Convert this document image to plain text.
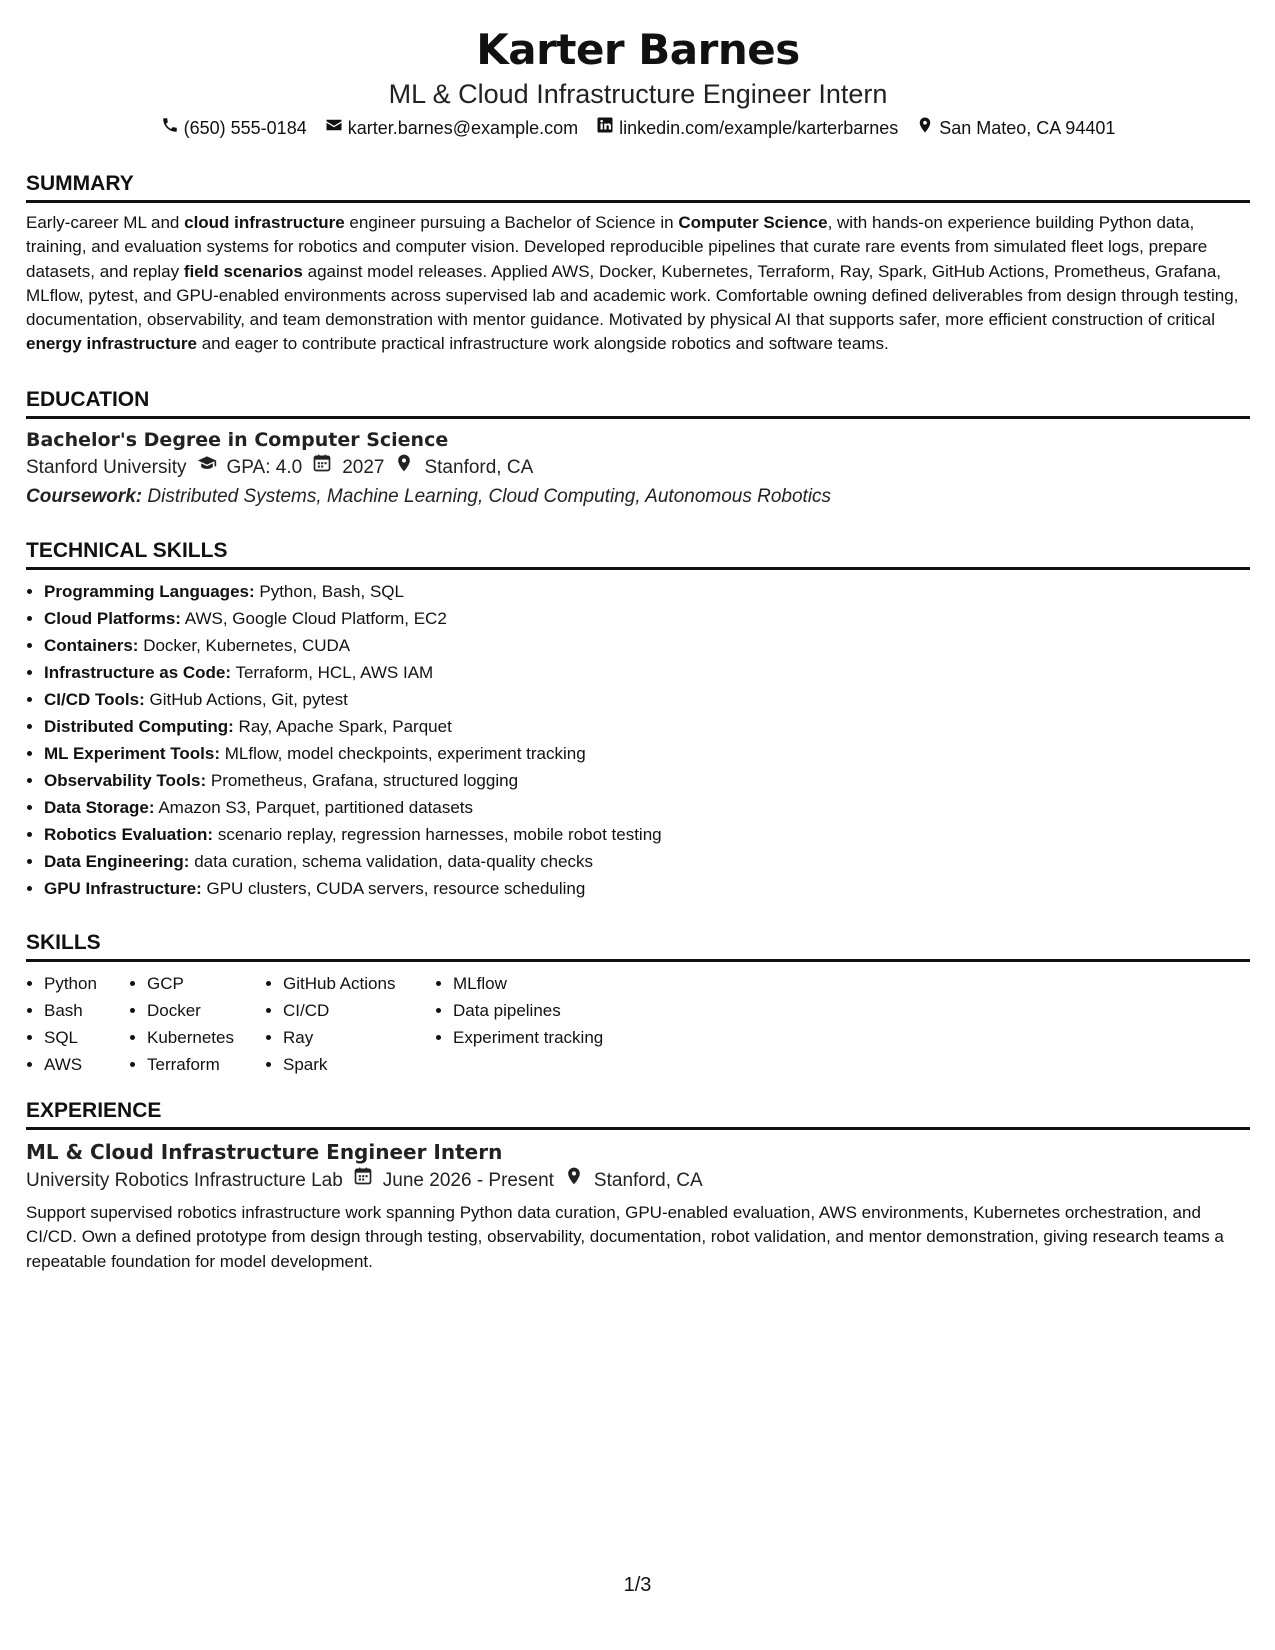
Karter Barnes
ML & Cloud Infrastructure Engineer Intern
(650) 555-0184 karter.barnes@example.com linkedin.com/example/karterbarnes San Mateo, CA 94401
SUMMARY

Early-career ML and cloud infrastructure engineer pursuing a Bachelor of Science in Computer Science, with hands-on experience building Python data, training, and evaluation systems for robotics and computer vision. Developed reproducible pipelines that curate rare events from simulated fleet logs, prepare datasets, and replay field scenarios against model releases. Applied AWS, Docker, Kubernetes, Terraform, Ray, Spark, GitHub Actions, Prometheus, Grafana, MLflow, pytest, and GPU-enabled environments across supervised lab and academic work. Comfortable owning defined deliverables from design through testing, documentation, observability, and team demonstration with mentor guidance. Motivated by physical AI that supports safer, more efficient construction of critical energy infrastructure and eager to contribute practical infrastructure work alongside robotics and software teams.

EDUCATION
Bachelor's Degree in Computer Science
Stanford University GPA: 4.0 2027 Stanford, CA
Coursework: Distributed Systems, Machine Learning, Cloud Computing, Autonomous Robotics
TECHNICAL SKILLS
• Programming Languages: Python, Bash, SQL
• Cloud Platforms: AWS, Google Cloud Platform, EC2
• Containers: Docker, Kubernetes, CUDA
• Infrastructure as Code: Terraform, HCL, AWS IAM
• CI/CD Tools: GitHub Actions, Git, pytest
• Distributed Computing: Ray, Apache Spark, Parquet
• ML Experiment Tools: MLflow, model checkpoints, experiment tracking
• Observability Tools: Prometheus, Grafana, structured logging
• Data Storage: Amazon S3, Parquet, partitioned datasets
• Robotics Evaluation: scenario replay, regression harnesses, mobile robot testing
• Data Engineering: data curation, schema validation, data-quality checks
• GPU Infrastructure: GPU clusters, CUDA servers, resource scheduling
SKILLS
• Python
• Bash
• SQL
• AWS
• GCP
• Docker
• Kubernetes
• Terraform
• GitHub Actions
• CI/CD
• Ray
• Spark
• MLflow
• Data pipelines
• Experiment tracking
EXPERIENCE
ML & Cloud Infrastructure Engineer Intern
University Robotics Infrastructure Lab June 2026 - Present Stanford, CA

Support supervised robotics infrastructure work spanning Python data curation, GPU-enabled evaluation, AWS environments, Kubernetes orchestration, and CI/CD. Own a defined prototype from design through testing, observability, documentation, robot validation, and mentor demonstration, giving research teams a repeatable foundation for model development.

1/3
